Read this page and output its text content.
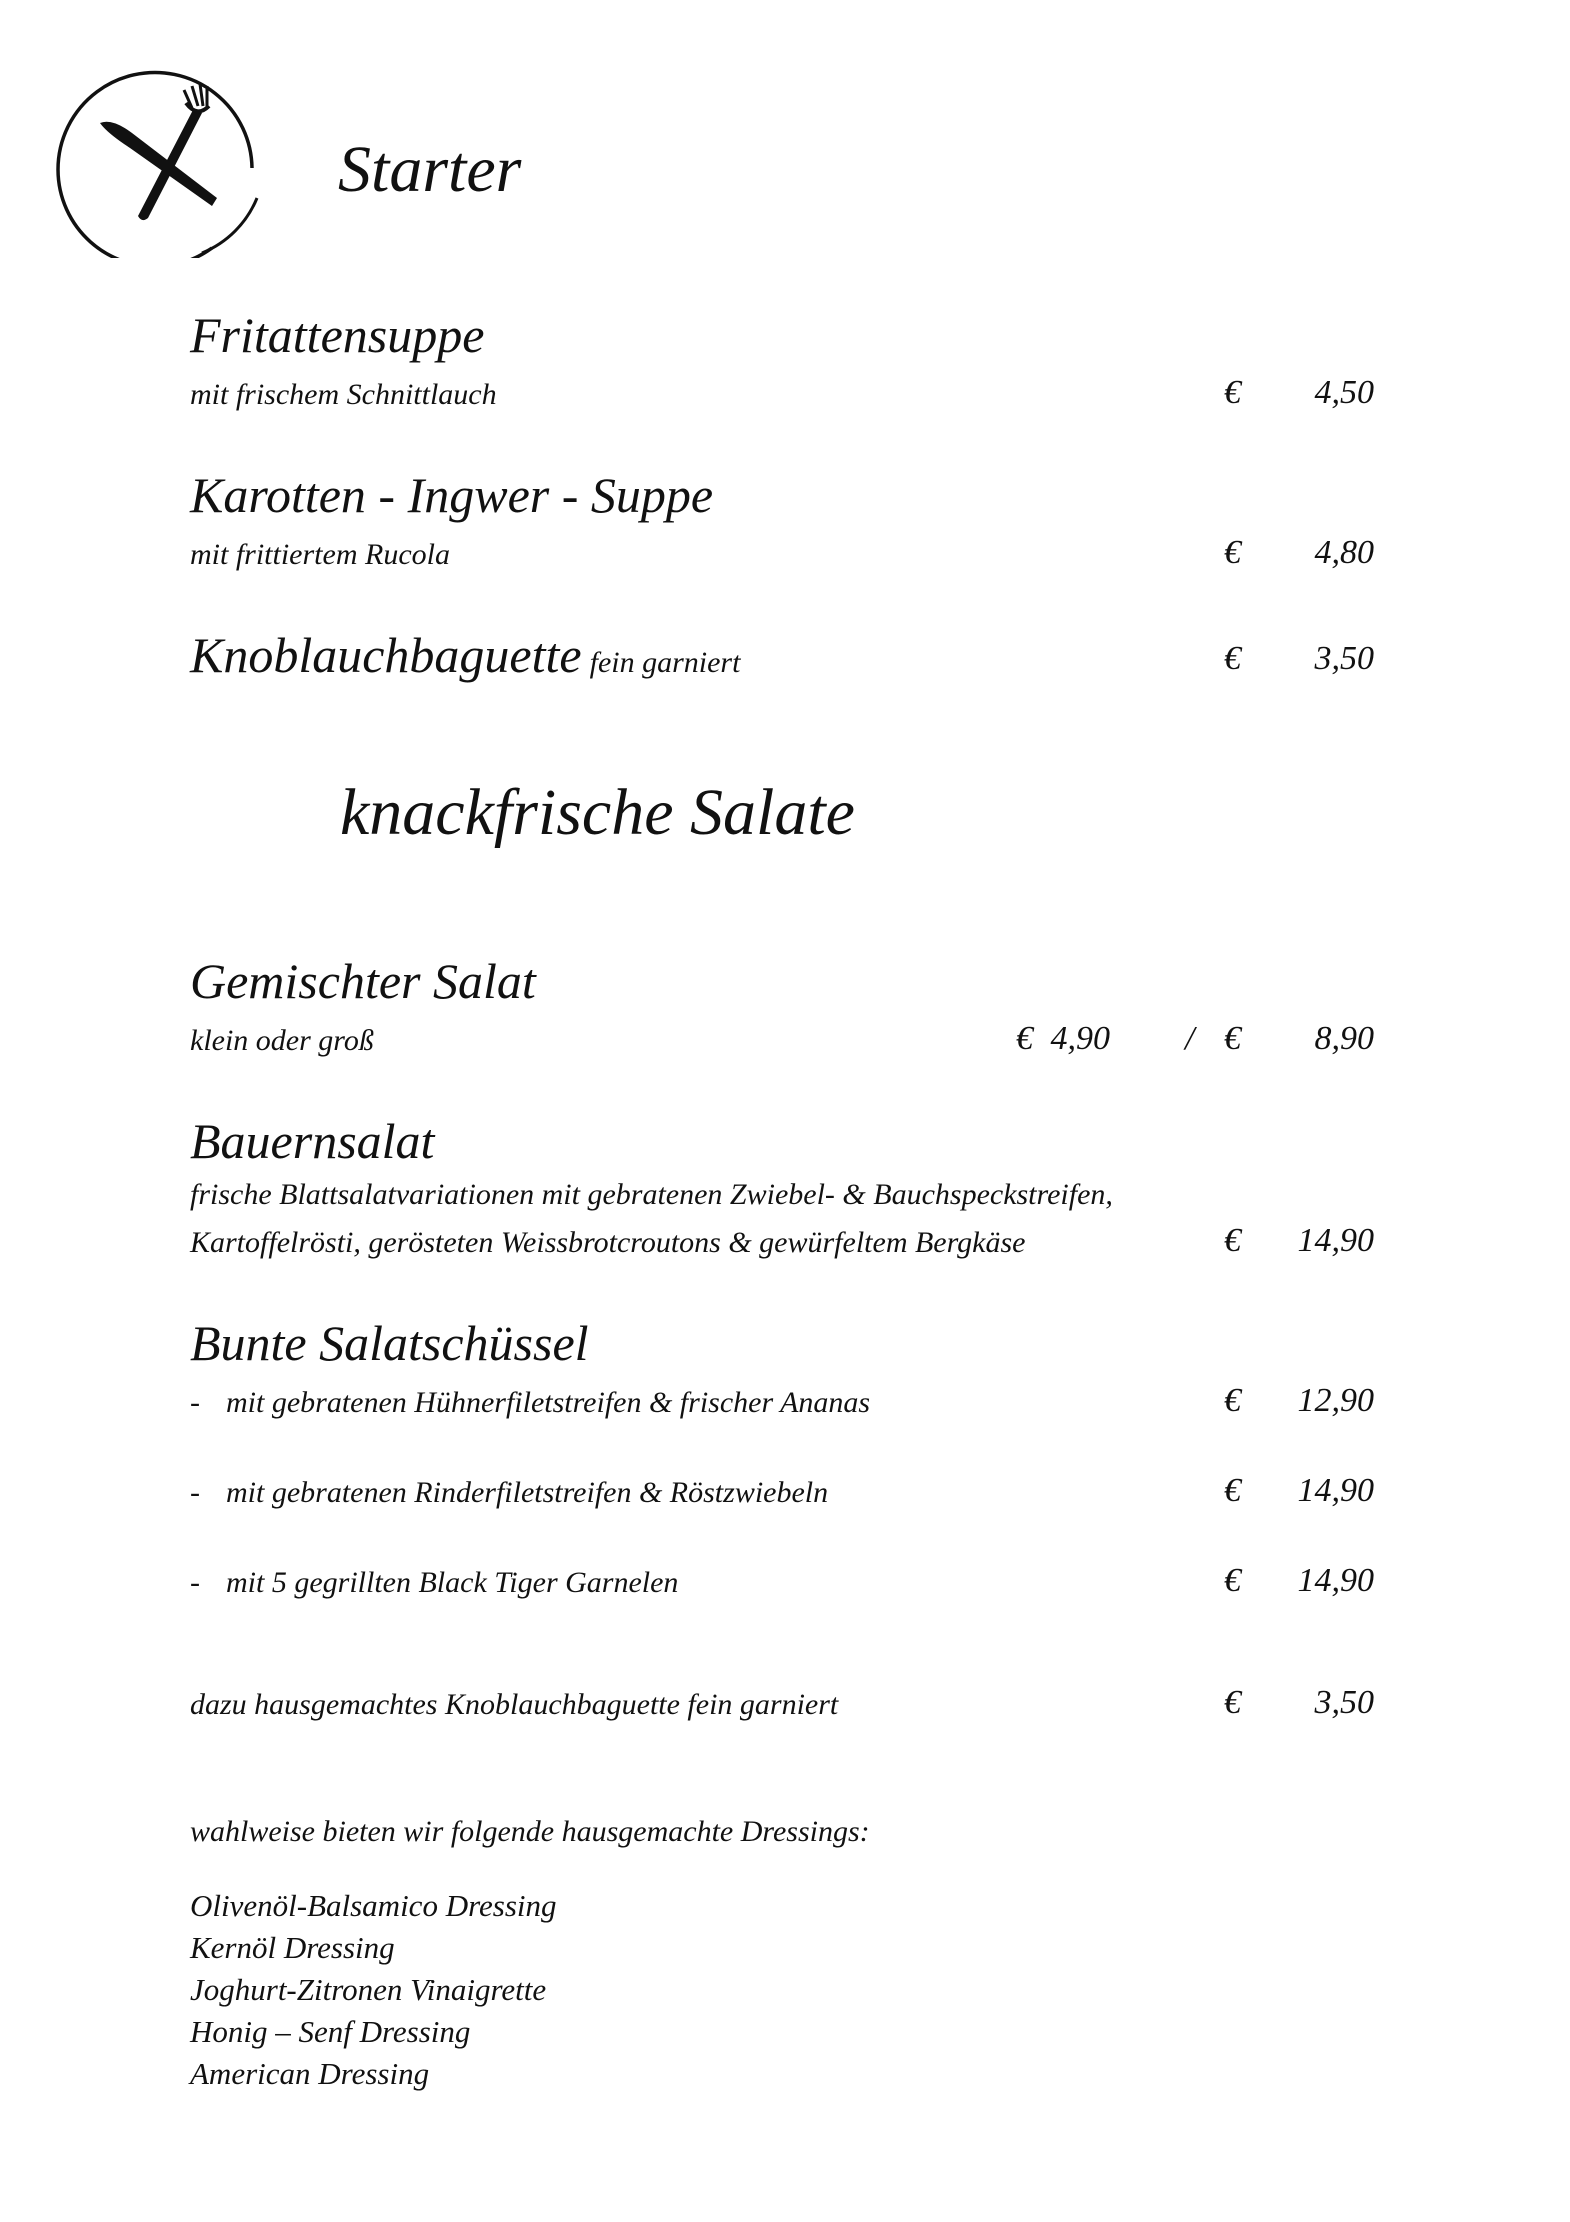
Starter
Fritattensuppe
mit frischem Schnittlauch	€	4,50
Karotten - Ingwer - Suppe
mit frittiertem Rucola	€	4,80
Knoblauchbaguette fein garniert	€	3,50
knackfrische Salate
Gemischter Salat
klein oder groß	€ 4,90 / €	8,90
Bauernsalat
frische Blattsalatvariationen mit gebratenen Zwiebel- & Bauchspeckstreifen,
Kartoffelrösti, gerösteten Weissbrotcroutons & gewürfeltem Bergkäse	€	14,90
Bunte Salatschüssel
- mit gebratenen Hühnerfiletstreifen & frischer Ananas	€	12,90
- mit gebratenen Rinderfiletstreifen & Röstzwiebeln	€	14,90
- mit 5 gegrillten Black Tiger Garnelen	€	14,90
dazu hausgemachtes Knoblauchbaguette fein garniert	€	3,50
wahlweise bieten wir folgende hausgemachte Dressings:
Olivenöl-Balsamico Dressing
Kernöl Dressing
Joghurt-Zitronen Vinaigrette
Honig – Senf Dressing
American Dressing
